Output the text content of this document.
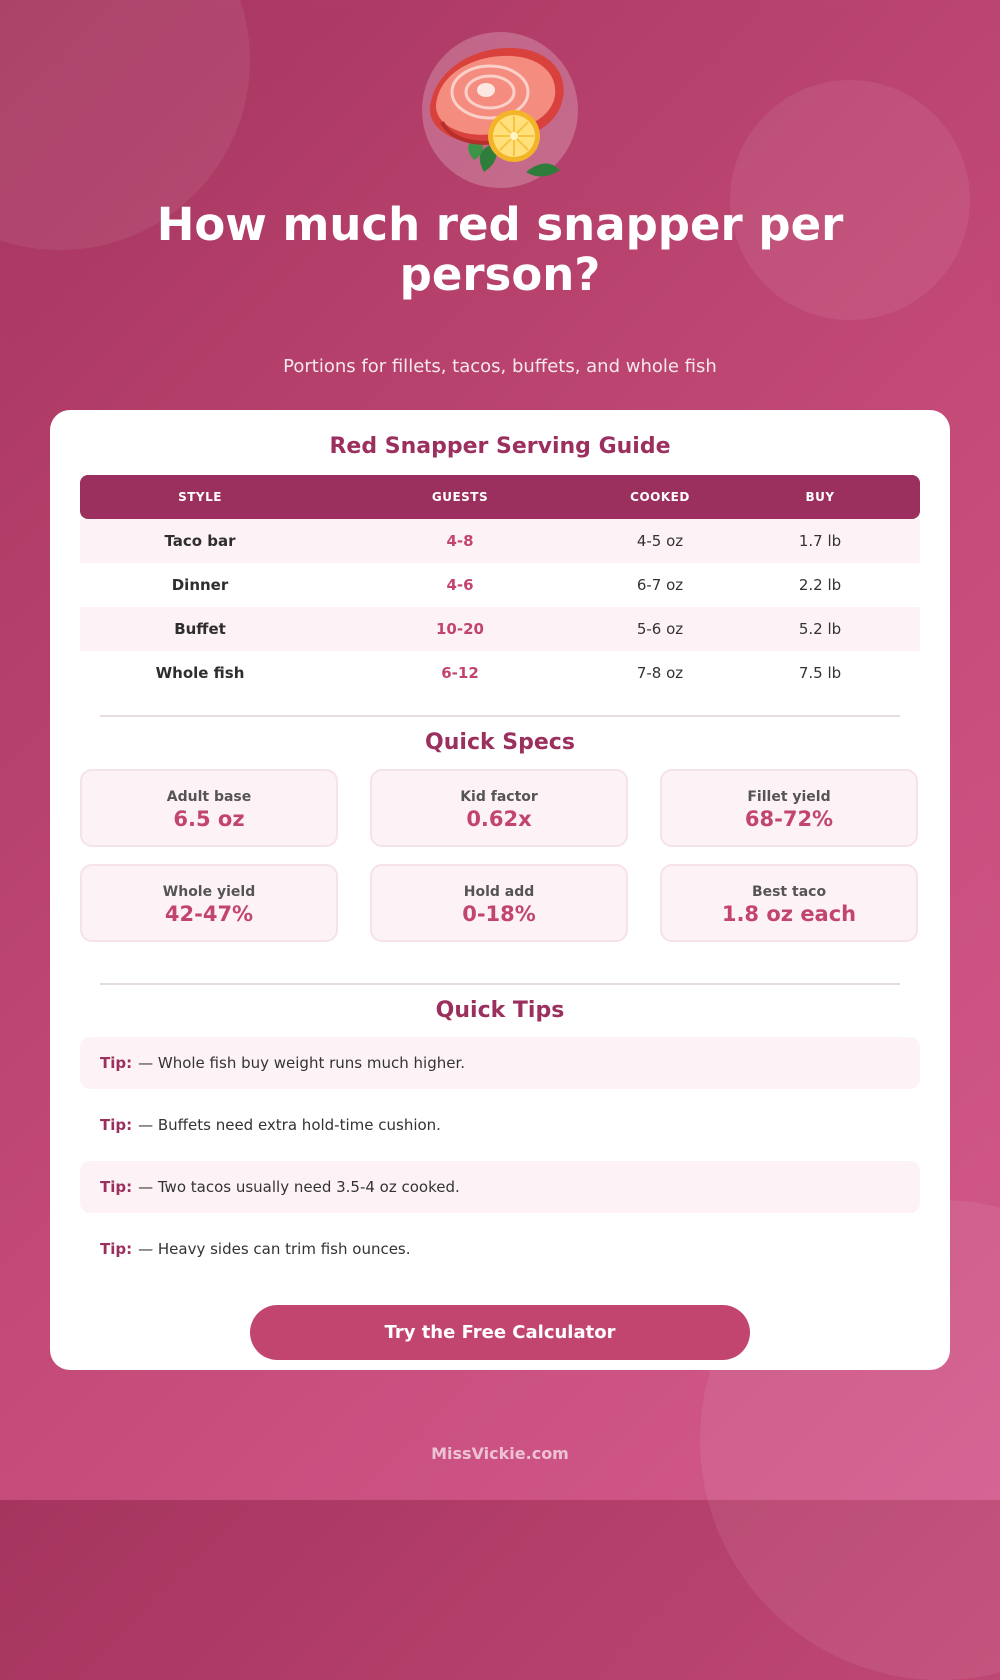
How much red snapper per person?

Portions for fillets, tacos, buffets, and whole fish

Red Snapper Serving Guide
STYLE	GUESTS	COOKED	BUY
Taco bar	4-8	4-5 oz	1.7 lb
Dinner	4-6	6-7 oz	2.2 lb
Buffet	10-20	5-6 oz	5.2 lb
Whole fish	6-12	7-8 oz	7.5 lb
Quick Specs
Adult base
6.5 oz
Kid factor
0.62x
Fillet yield
68-72%
Whole yield
42-47%
Hold add
0-18%
Best taco
1.8 oz each
Quick Tips
Tip: — Whole fish buy weight runs much higher.
Tip: — Buffets need extra hold-time cushion.
Tip: — Two tacos usually need 3.5-4 oz cooked.
Tip: — Heavy sides can trim fish ounces.
Try the Free Calculator

MissVickie.com
